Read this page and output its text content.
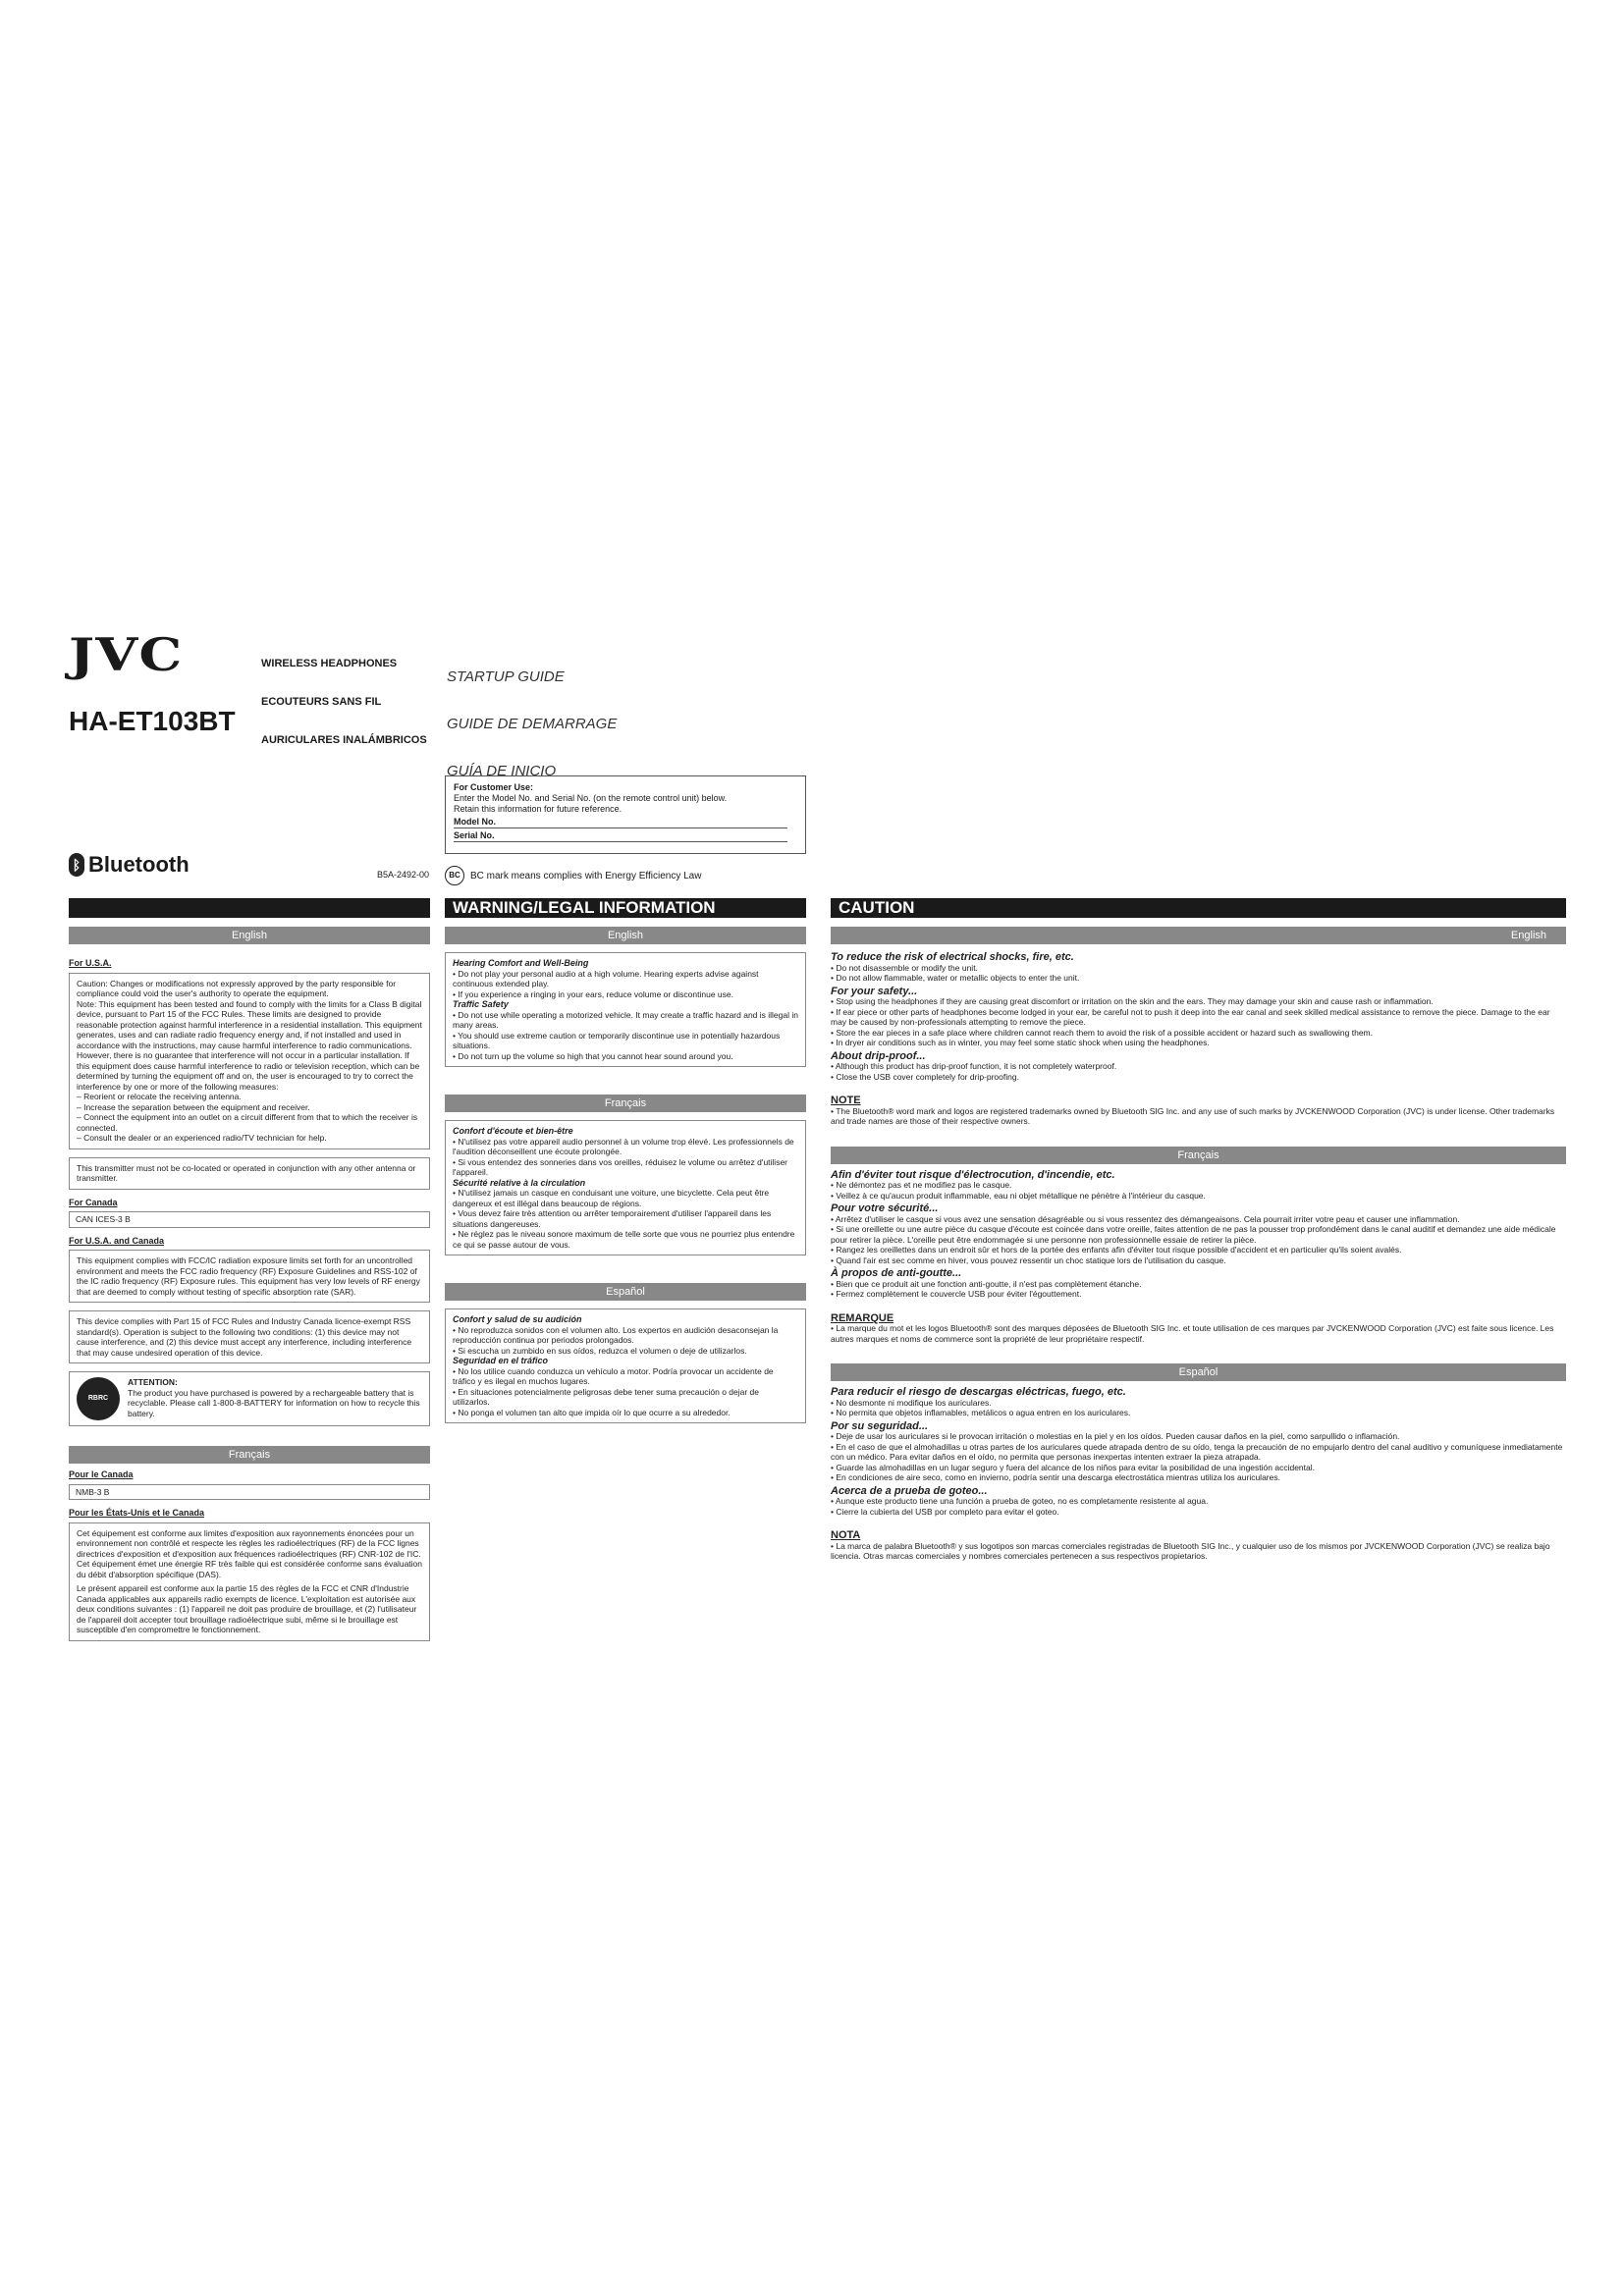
JVC

	WIRELESS HEADPHONES

ECOUTEURS SANS FIL

AURICULARES INALÁMBRICOS

STARTUP GUIDE

GUIDE DE DEMARRAGE

GUÍA DE INICIO

HA-ET103BT
For Customer Use:
Enter the Model No. and Serial No. (on the remote control unit) below.
Retain this information for future reference.
Model No.
Serial No.
ᛒ Bluetooth	B5A-2492-00	BC	BC mark means complies with Energy Efficiency Law
English
For U.S.A.

Caution: Changes or modifications not expressly approved by the party responsible for compliance could void the user's authority to operate the equipment.

Note: This equipment has been tested and found to comply with the limits for a Class B digital device, pursuant to Part 15 of the FCC Rules. These limits are designed to provide reasonable protection against harmful interference in a residential installation. This equipment generates, uses and can radiate radio frequency energy and, if not installed and used in accordance with the instructions, may cause harmful interference to radio communications. However, there is no guarantee that interference will not occur in a particular installation. If this equipment does cause harmful interference to radio or television reception, which can be determined by turning the equipment off and on, the user is encouraged to try to correct the interference by one or more of the following measures:

– Reorient or relocate the receiving antenna.

– Increase the separation between the equipment and receiver.

– Connect the equipment into an outlet on a circuit different from that to which the receiver is connected.

– Consult the dealer or an experienced radio/TV technician for help.

This transmitter must not be co-located or operated in conjunction with any other antenna or transmitter.
For Canada
CAN ICES-3 B
For U.S.A. and Canada
This equipment complies with FCC/IC radiation exposure limits set forth for an uncontrolled environment and meets the FCC radio frequency (RF) Exposure Guidelines and RSS-102 of the IC radio frequency (RF) Exposure rules. This equipment has very low levels of RF energy that are deemed to comply without testing of specific absorption rate (SAR).
This device complies with Part 15 of FCC Rules and Industry Canada licence-exempt RSS standard(s). Operation is subject to the following two conditions: (1) this device may not cause interference, and (2) this device must accept any interference, including interference that may cause undesired operation of this device.
RBRC
ATTENTION:
The product you have purchased is powered by a rechargeable battery that is recyclable. Please call 1-800-8-BATTERY for information on how to recycle this battery.
Français
Pour le Canada
NMB-3 B
Pour les États-Unis et le Canada

Cet équipement est conforme aux limites d'exposition aux rayonnements énoncées pour un environnement non contrôlé et respecte les règles les radioélectriques (RF) de la FCC lignes directrices d'exposition et d'exposition aux fréquences radioélectriques (RF) CNR-102 de l'IC. Cet équipement émet une énergie RF très faible qui est considérée conforme sans évaluation du débit d'absorption spécifique (DAS).

Le présent appareil est conforme aux la partie 15 des règles de la FCC et CNR d'Industrie Canada applicables aux appareils radio exempts de licence. L'exploitation est autorisée aux deux conditions suivantes : (1) l'appareil ne doit pas produire de brouillage, et (2) l'utilisateur de l'appareil doit accepter tout brouillage radioélectrique subi, même si le brouillage est susceptible d'en compromettre le fonctionnement.

WARNING/LEGAL INFORMATION
English
Hearing Comfort and Well-Being
• Do not play your personal audio at a high volume. Hearing experts advise against continuous extended play.
• If you experience a ringing in your ears, reduce volume or discontinue use.
Traffic Safety
• Do not use while operating a motorized vehicle. It may create a traffic hazard and is illegal in many areas.
• You should use extreme caution or temporarily discontinue use in potentially hazardous situations.
• Do not turn up the volume so high that you cannot hear sound around you.
Français
Confort d'écoute et bien-être
• N'utilisez pas votre appareil audio personnel à un volume trop élevé. Les professionnels de l'audition déconseillent une écoute prolongée.
• Si vous entendez des sonneries dans vos oreilles, réduisez le volume ou arrêtez d'utiliser l'appareil.
Sécurité relative à la circulation
• N'utilisez jamais un casque en conduisant une voiture, une bicyclette. Cela peut être dangereux et est illégal dans beaucoup de régions.
• Vous devez faire très attention ou arrêter temporairement d'utiliser l'appareil dans les situations dangereuses.
• Ne réglez pas le niveau sonore maximum de telle sorte que vous ne pourriez plus entendre ce qui se passe autour de vous.
Español
Confort y salud de su audición
• No reproduzca sonidos con el volumen alto. Los expertos en audición desaconsejan la reproducción continua por periodos prolongados.
• Si escucha un zumbido en sus oídos, reduzca el volumen o deje de utilizarlos.
Seguridad en el tráfico
• No los utilice cuando conduzca un vehículo a motor. Podría provocar un accidente de tráfico y es ilegal en muchos lugares.
• En situaciones potencialmente peligrosas debe tener suma precaución o dejar de utilizarlos.
• No ponga el volumen tan alto que impida oír lo que ocurre a su alrededor.
CAUTION
English
To reduce the risk of electrical shocks, fire, etc.
• Do not disassemble or modify the unit.
• Do not allow flammable, water or metallic objects to enter the unit.
For your safety...
• Stop using the headphones if they are causing great discomfort or irritation on the skin and the ears. They may damage your skin and cause rash or inflammation.
• If ear piece or other parts of headphones become lodged in your ear, be careful not to push it deep into the ear canal and seek skilled medical assistance to remove the piece. Damage to the ear may be caused by non-professionals attempting to remove the piece.
• Store the ear pieces in a safe place where children cannot reach them to avoid the risk of a possible accident or hazard such as swallowing them.
• In dryer air conditions such as in winter, you may feel some static shock when using the headphones.
About drip-proof...
• Although this product has drip-proof function, it is not completely waterproof.
• Close the USB cover completely for drip-proofing.
NOTE
• The Bluetooth® word mark and logos are registered trademarks owned by Bluetooth SIG Inc. and any use of such marks by JVCKENWOOD Corporation (JVC) is under license. Other trademarks and trade names are those of their respective owners.
Français
Afin d'éviter tout risque d'électrocution, d'incendie, etc.
• Ne démontez pas et ne modifiez pas le casque.
• Veillez à ce qu'aucun produit inflammable, eau ni objet métallique ne pénètre à l'intérieur du casque.
Pour votre sécurité...
• Arrêtez d'utiliser le casque si vous avez une sensation désagréable ou si vous ressentez des démangeaisons. Cela pourrait irriter votre peau et causer une inflammation.
• Si une oreillette ou une autre pièce du casque d'écoute est coincée dans votre oreille, faites attention de ne pas la pousser trop profondément dans le canal auditif et demandez une aide médicale pour retirer la pièce. L'oreille peut être endommagée si une personne non professionnelle essaie de retirer la pièce.
• Rangez les oreillettes dans un endroit sûr et hors de la portée des enfants afin d'éviter tout risque possible d'accident et en particulier qu'ils soient avalés.
• Quand l'air est sec comme en hiver, vous pouvez ressentir un choc statique lors de l'utilisation du casque.
À propos de anti-goutte...
• Bien que ce produit ait une fonction anti-goutte, il n'est pas complètement étanche.
• Fermez complètement le couvercle USB pour éviter l'égouttement.
REMARQUE
• La marque du mot et les logos Bluetooth® sont des marques déposées de Bluetooth SIG Inc. et toute utilisation de ces marques par JVCKENWOOD Corporation (JVC) est faite sous licence. Les autres marques et noms de commerce sont la propriété de leur propriétaire respectif.
Español
Para reducir el riesgo de descargas eléctricas, fuego, etc.
• No desmonte ni modifique los auriculares.
• No permita que objetos inflamables, metálicos o agua entren en los auriculares.
Por su seguridad...
• Deje de usar los auriculares si le provocan irritación o molestias en la piel y en los oídos. Pueden causar daños en la piel, como sarpullido o inflamación.
• En el caso de que el almohadillas u otras partes de los auriculares quede atrapada dentro de su oído, tenga la precaución de no empujarlo dentro del canal auditivo y comuníquese inmediatamente con un médico. Para evitar daños en el oído, no permita que personas inexpertas intenten extraer la pieza atrapada.
• Guarde las almohadillas en un lugar seguro y fuera del alcance de los niños para evitar la posibilidad de una ingestión accidental.
• En condiciones de aire seco, como en invierno, podría sentir una descarga electrostática mientras utiliza los auriculares.
Acerca de a prueba de goteo...
• Aunque este producto tiene una función a prueba de goteo, no es completamente resistente al agua.
• Cierre la cubierta del USB por completo para evitar el goteo.
NOTA
• La marca de palabra Bluetooth® y sus logotipos son marcas comerciales registradas de Bluetooth SIG Inc., y cualquier uso de los mismos por JVCKENWOOD Corporation (JVC) se realiza bajo licencia. Otras marcas comerciales y nombres comerciales pertenecen a sus respectivos propietarios.
